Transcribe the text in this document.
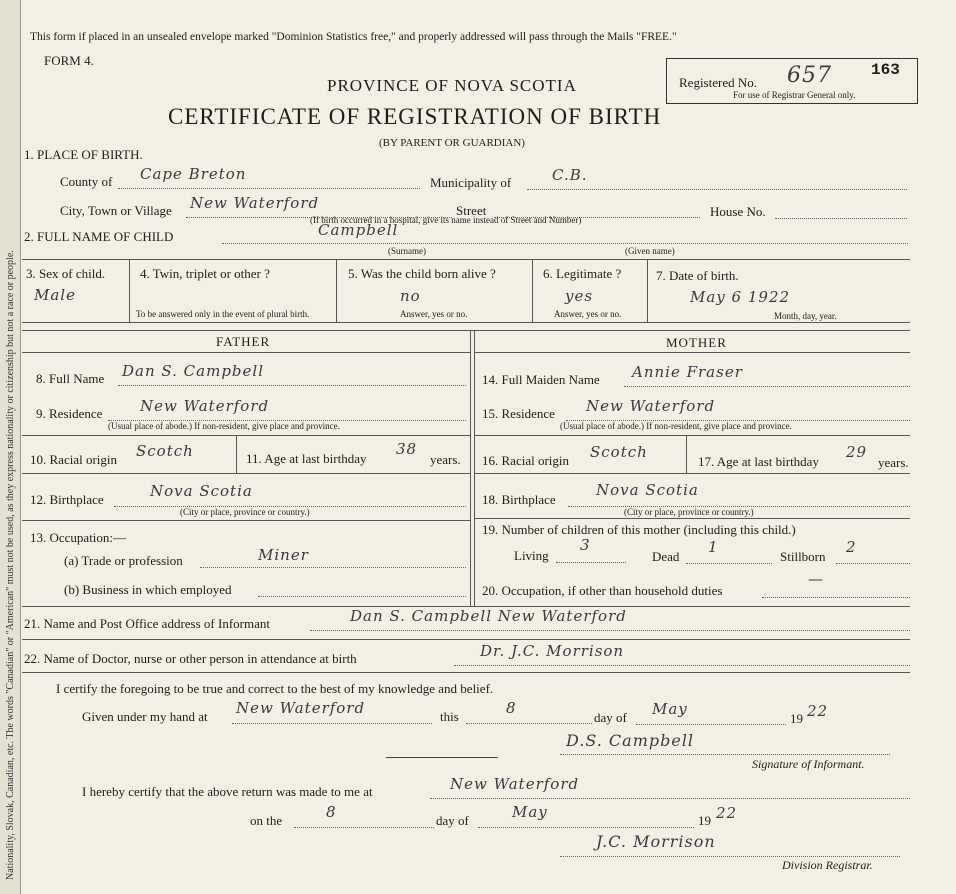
Nationality, Slovak, Canadian, etc. The words "Canadian" or "American" must not be used, as they express nationality or citizenship but not a race or people.
This form if placed in an unsealed envelope marked "Dominion Statistics free," and properly addressed will pass through the Mails "FREE."
FORM 4.
PROVINCE OF NOVA SCOTIA
CERTIFICATE OF REGISTRATION OF BIRTH
(BY PARENT OR GUARDIAN)
Registered No. 657 163
For use of Registrar General only.
1. PLACE OF BIRTH.
County of Cape Breton	Municipality of	C.B.
City, Town or Village New Waterford	Street	House No.
(If birth occurred in a hospital, give its name instead of Street and Number)
2. FULL NAME OF CHILD	Campbell
(Surname)	(Given name)
3. Sex of child.
Male
4. Twin, triplet or other ?
To be answered only in the event of plural birth.
5. Was the child born alive ?
no
Answer, yes or no.
6. Legitimate ?
yes
Answer, yes or no.
7. Date of birth.
May 6 1922
Month, day, year.
FATHER	MOTHER
8. Full Name Dan S. Campbell
9. Residence	New Waterford
(Usual place of abode.) If non-resident, give place and province.
10. Racial origin Scotch	11. Age at last birthday
38
years.
12. Birthplace	Nova Scotia
(City or place, province or country.)
13. Occupation:—
(a) Trade or profession	Miner
(b) Business in which employed
14. Full Maiden Name Annie Fraser
15. Residence New Waterford
(Usual place of abode.) If non-resident, give place and province.
16. Racial origin Scotch
17. Age at last birthday
29
years.
18. Birthplace
Nova Scotia
(City or place, province or country.)
19. Number of children of this mother (including this child.)
Living
3
Dead
1
Stillborn
2
20. Occupation, if other than household duties
—
21. Name and Post Office address of Informant	Dan S. Campbell New Waterford
22. Name of Doctor, nurse or other person in attendance at birth	Dr. J.C. Morrison
I certify the foregoing to be true and correct to the best of my knowledge and belief.
Given under my hand at New Waterford	this	8
day of May
19 22
D.S. Campbell
Signature of Informant.
I hereby certify that the above return was made to me at	New Waterford
on the	8	day of	May	19 22
J.C. Morrison
Division Registrar.
